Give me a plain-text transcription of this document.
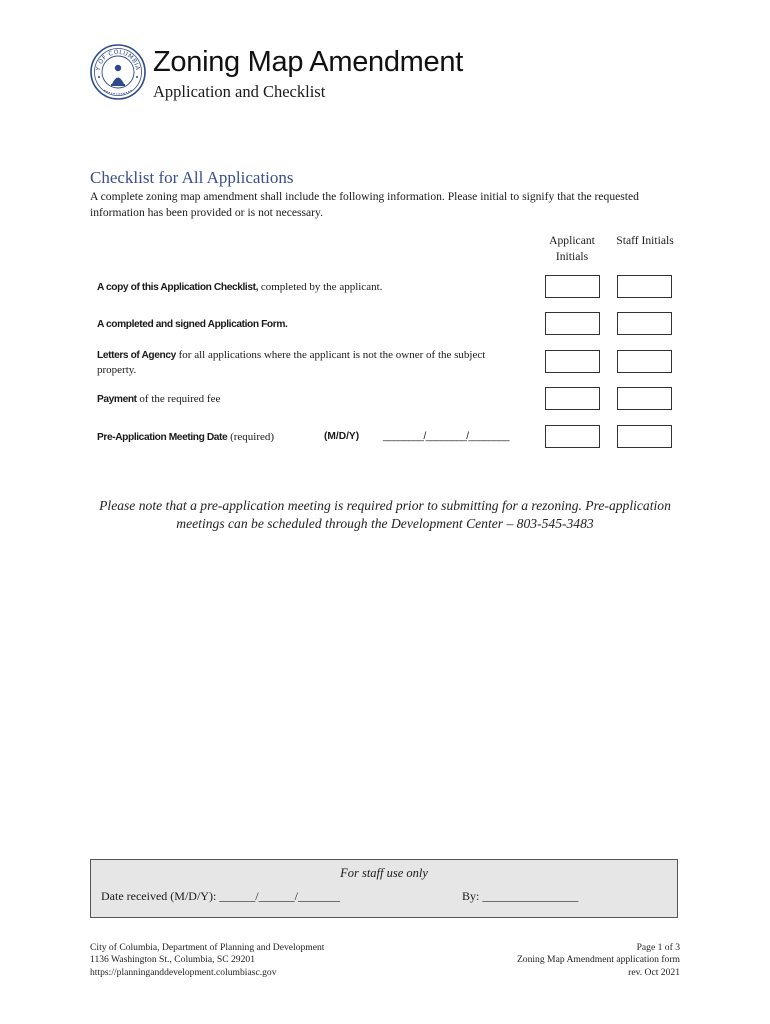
Y OF COLUMBIA Zoning Map Amendment
Application and Checklist
Checklist for All Applications
A complete zoning map amendment shall include the following information. Please initial to signify that the requested information has been provided or is not necessary.
Applicant Initials
Staff Initials
A copy of this Application Checklist, completed by the applicant.
A completed and signed Application Form.
Letters of Agency for all applications where the applicant is not the owner of the subject property.
Payment of the required fee
Pre-Application Meeting Date (required)	(M/D/Y) ________/________/________
Please note that a pre-application meeting is required prior to submitting for a rezoning. Pre-application meetings can be scheduled through the Development Center – 803-545-3483
For staff use only
Date received (M/D/Y): ______/______/_______	By: ________________
City of Columbia, Department of Planning and Development
1136 Washington St., Columbia, SC 29201
https://planninganddevelopment.columbiasc.gov
Page 1 of 3
Zoning Map Amendment application form
rev. Oct 2021
